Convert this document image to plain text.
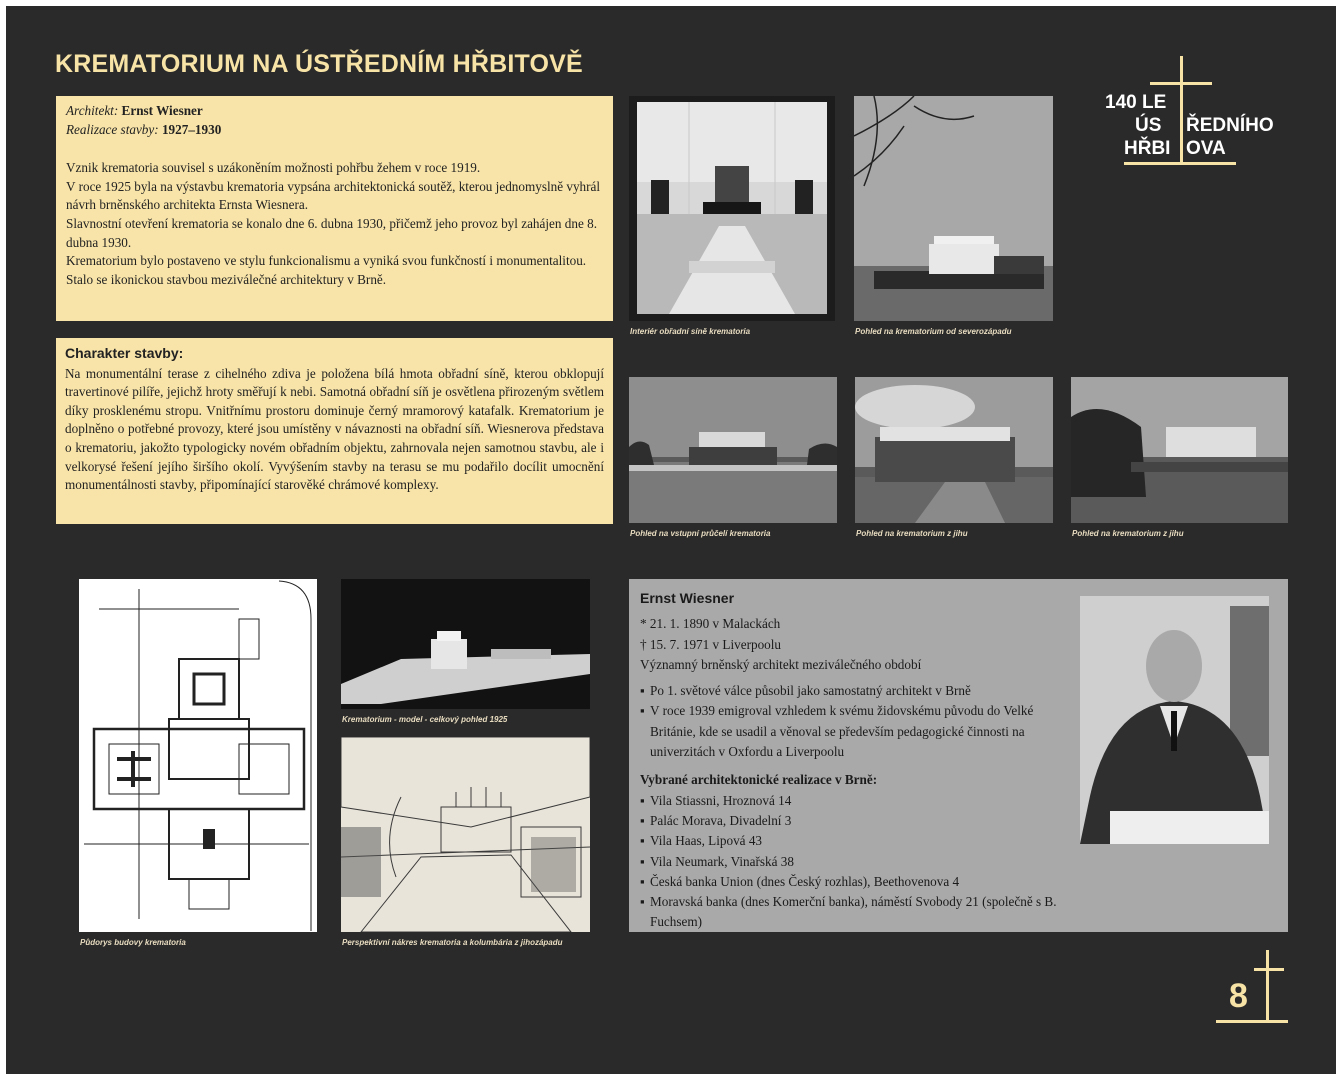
KREMATORIUM NA ÚSTŘEDNÍM HŘBITOVĚ
140 LE
ÚS ŘEDNÍHO
HŘBI OVA

Architekt: Ernst Wiesner

Realizace stavby: 1927–1930

Vznik krematoria souvisel s uzákoněním možnosti pohřbu žehem v roce 1919.

V roce 1925 byla na výstavbu krematoria vypsána architektonická soutěž, kterou jednomyslně vyhrál návrh brněnského architekta Ernsta Wiesnera.

Slavnostní otevření krematoria se konalo dne 6. dubna 1930, přičemž jeho provoz byl zahájen dne 8. dubna 1930.

Krematorium bylo postaveno ve stylu funkcionalismu a vyniká svou funkčností i monumentalitou. Stalo se ikonickou stavbou meziválečné architektury v Brně.

Charakter stavby:

Na monumentální terase z cihelného zdiva je položena bílá hmota obřadní síně, kterou obklopují travertinové pilíře, jejichž hroty směřují k nebi. Samotná obřadní síň je osvětlena přirozeným světlem díky prosklenému stropu. Vnitřnímu prostoru dominuje černý mramorový katafalk. Krematorium je doplněno o potřebné provozy, které jsou umístěny v návaznosti na obřadní síň. Wiesnerova představa o krematoriu, jakožto typologicky novém obřadním objektu, zahrnovala nejen samotnou stavbu, ale i velkorysé řešení jejího širšího okolí. Vyvýšením stavby na terasu se mu podařilo docílit umocnění monumentálnosti stavby, připomínající starověké chrámové komplexy.

Interiér obřadní síně krematoria	Pohled na krematorium od severozápadu
Pohled na vstupní průčelí krematoria	Pohled na krematorium z jihu	Pohled na krematorium z jihu
Půdorys budovy krematoria
Krematorium - model - celkový pohled 1925
Perspektivní nákres krematoria a kolumbária z jihozápadu
Ernst Wiesner

* 21. 1. 1890 v Malackách

† 15. 7. 1971 v Liverpoolu

Významný brněnský architekt meziválečného období

▪ Po 1. světové válce působil jako samostatný architekt v Brně
▪ V roce 1939 emigroval vzhledem k svému židovskému původu do Velké Británie, kde se usadil a věnoval se především pedagogické činnosti na univerzitách v Oxfordu a Liverpoolu

Vybrané architektonické realizace v Brně:

▪ Vila Stiassni, Hroznová 14
▪ Palác Morava, Divadelní 3
▪ Vila Haas, Lipová 43
▪ Vila Neumark, Vinařská 38
▪ Česká banka Union (dnes Český rozhlas), Beethovenova 4
▪ Moravská banka (dnes Komerční banka), náměstí Svobody 21 (společně s B. Fuchsem)
8
